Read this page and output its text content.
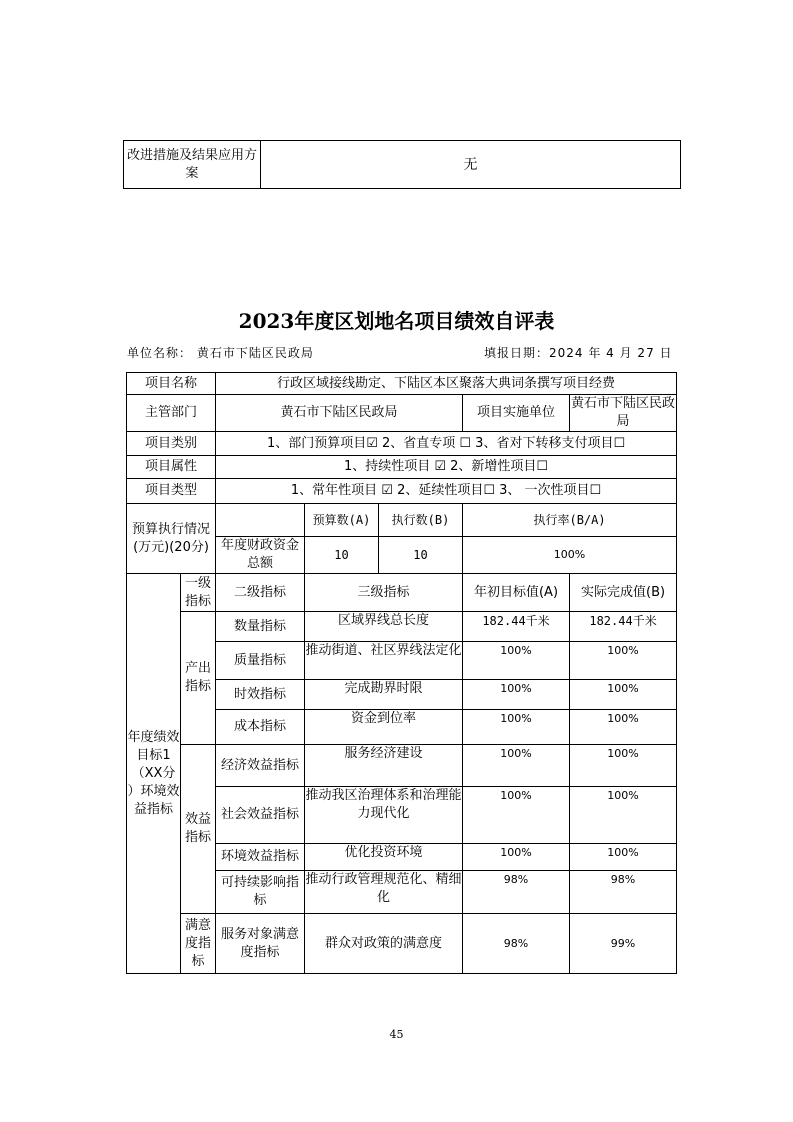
改进措施及结果应用方案	无
2023年度区划地名项目绩效自评表
单位名称： 黄石市下陆区民政局	填报日期：2024 年 4 月 27 日
项目名称		行政区域接线勘定、下陆区本区聚落大典词条撰写项目经费				
主管部门		黄石市下陆区民政局			项目实施单位	黄石市下陆区民政局
项目类别		1、部门预算项目☑ 2、省直专项 ☐ 3、省对下转移支付项目☐				
项目属性		1、持续性项目 ☑ 2、新增性项目☐				
项目类型		1、常年性项目 ☑ 2、延续性项目☐ 3、 一次性项目☐				
预算执行情况(万元)(20分)			预算数(A)	执行数(B)	执行率(B/A)	
		年度财政资金总额	10	10	100%	
年度绩效目标1（XX分 ）环境效益指标	一级指标	二级指标	三级指标		年初目标值(A)	实际完成值(B)
	产出指标	数量指标	区域界线总长度		182.44千米	182.44千米
		质量指标	推动街道、社区界线法定化		100%	100%
		时效指标	完成勘界时限		100%	100%
		成本指标	资金到位率		100%	100%
	效益指标	经济效益指标	服务经济建设		100%	100%
		社会效益指标	推动我区治理体系和治理能力现代化		100%	100%
		环境效益指标	优化投资环境		100%	100%
		可持续影响指标	推动行政管理规范化、精细化		98%	98%
	满意度指标	服务对象满意度指标	群众对政策的满意度		98%	99%
45
